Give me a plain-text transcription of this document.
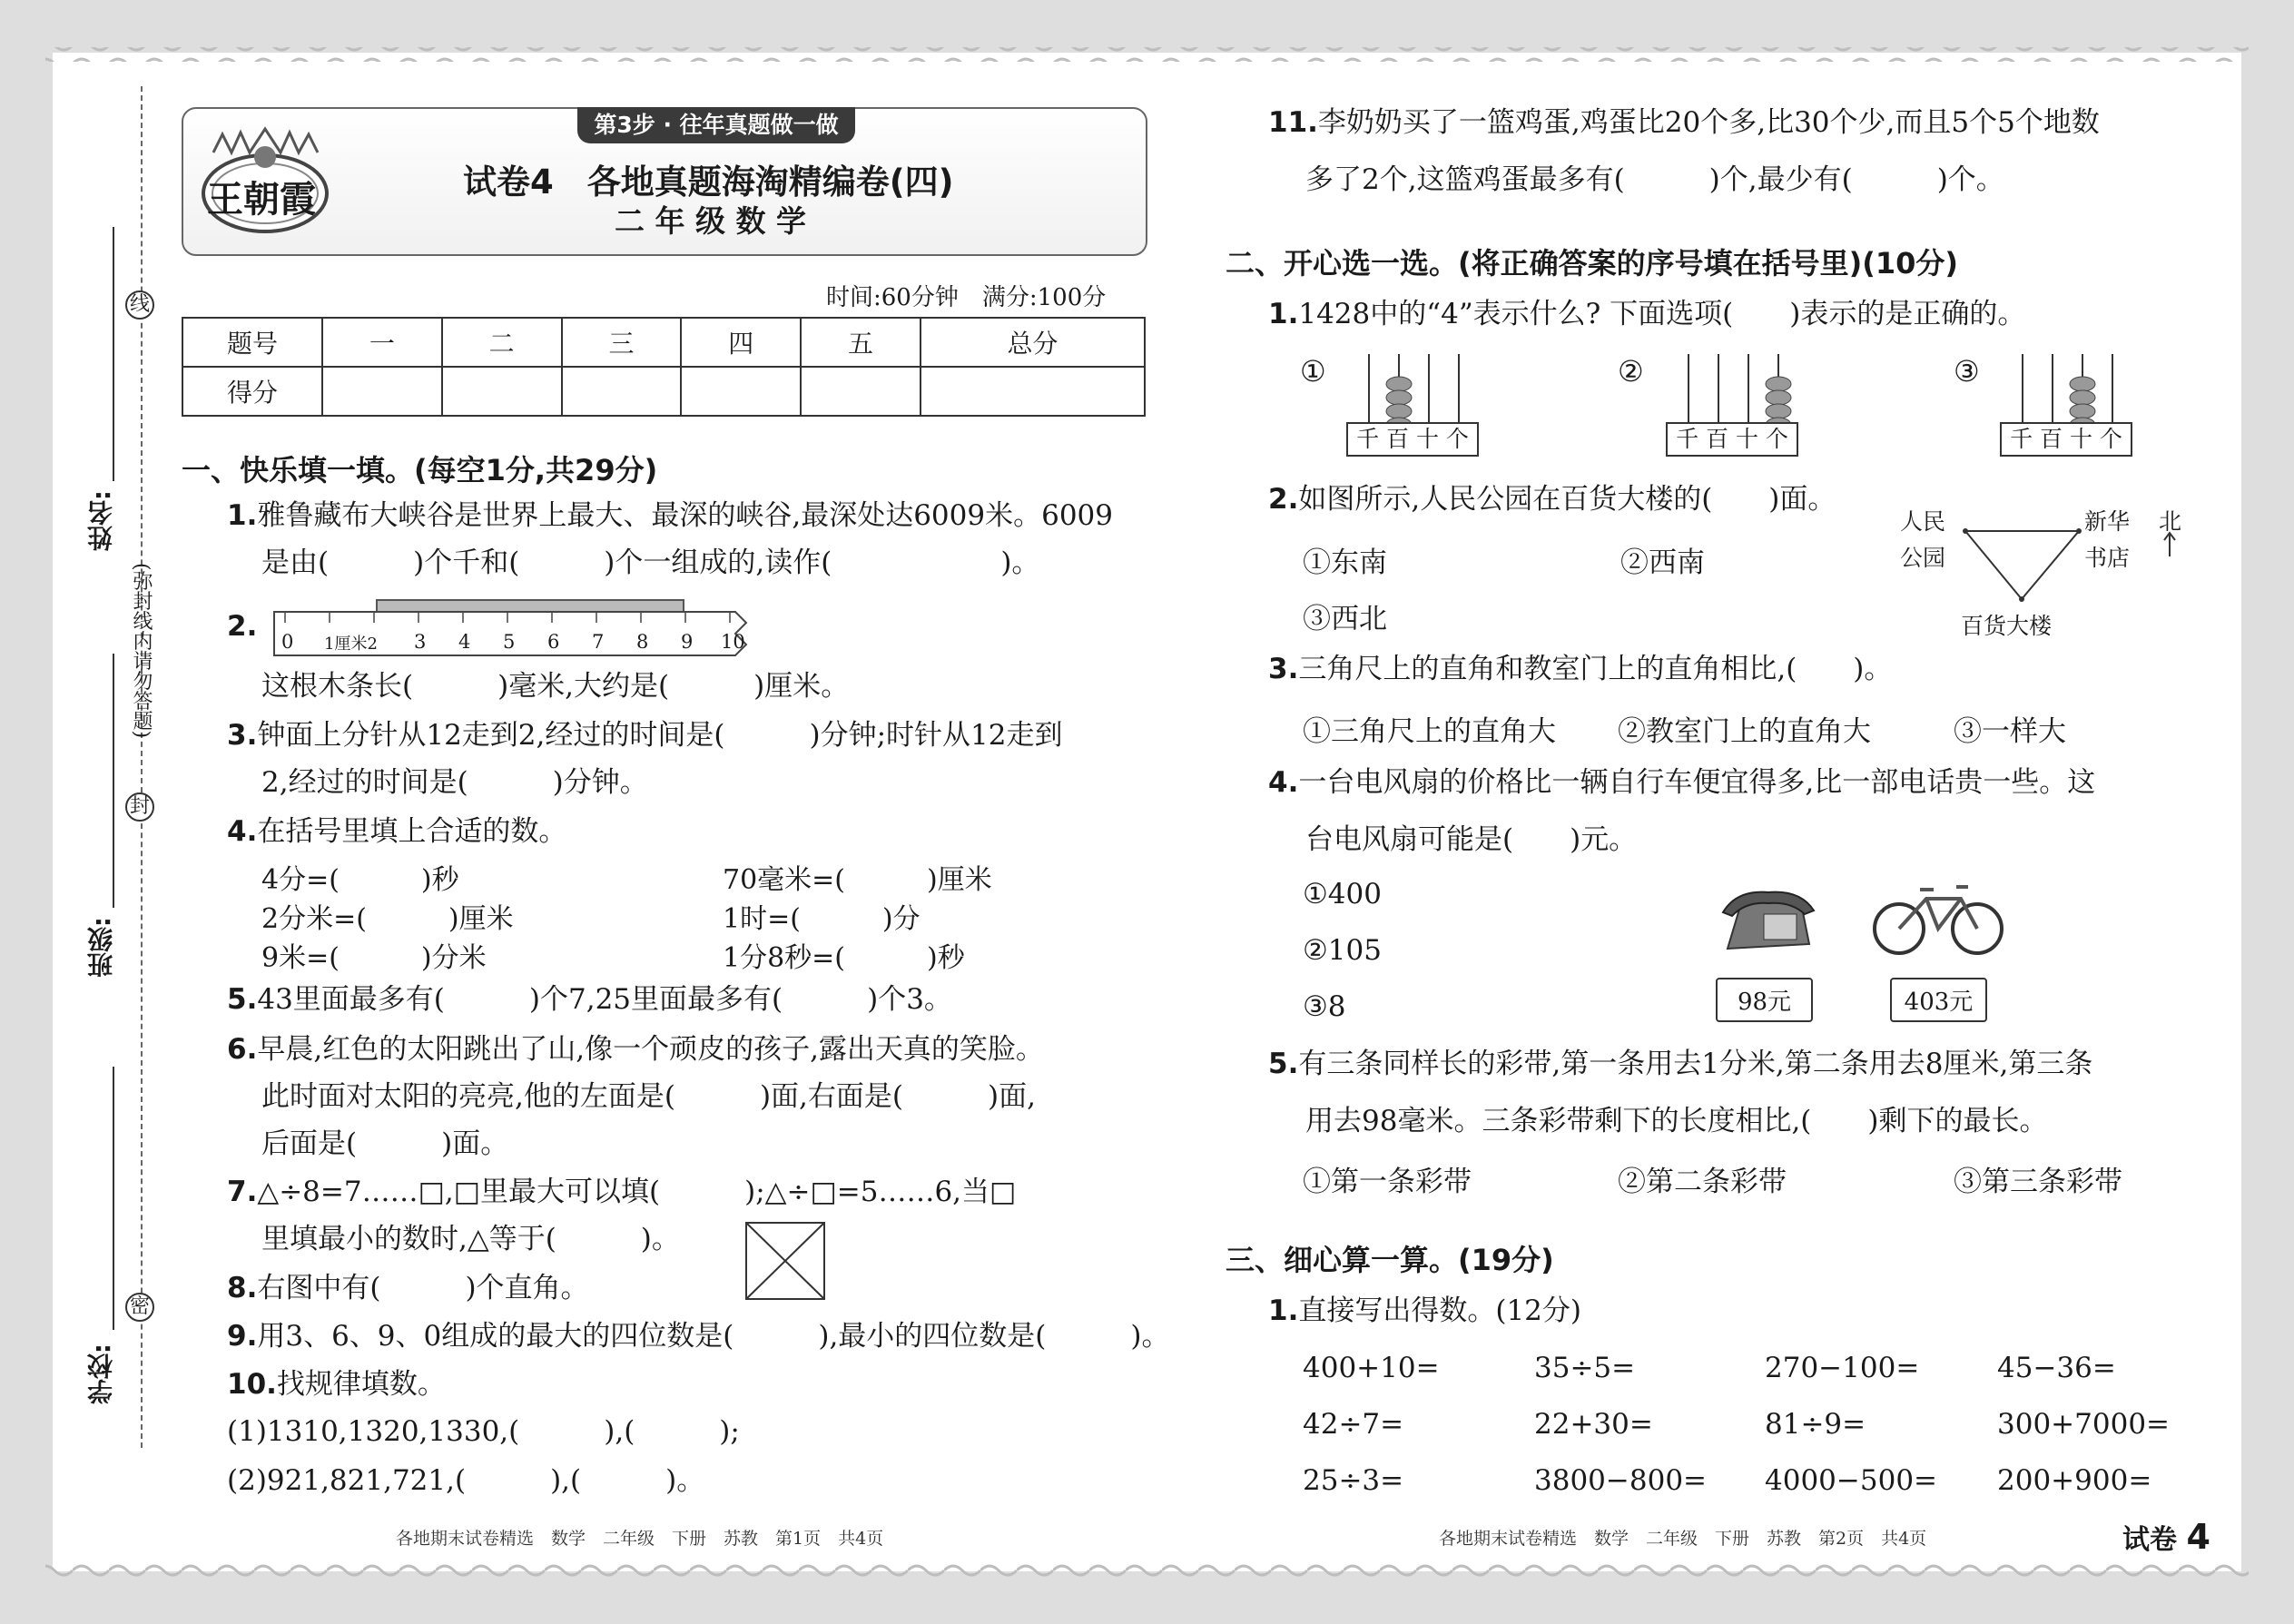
线
封
密
(弥封线内请勿答题)
姓名:
班级:
学校:
王朝霞
第3步 · 往年真题做一做
试卷4　各地真题海淘精编卷(四)
二 年 级 数 学
时间:60分钟　满分:100分
题号	一	二	三	四	五	总分
得分						
一、快乐填一填。(每空1分,共29分)
1.雅鲁藏布大峡谷是世界上最大、最深的峡谷,最深处达6009米。6009
是由(　　　)个千和(　　　)个一组成的,读作(　　　　　　)。
2. 0 1厘米2 3 4 5 6 7 8 9 10
这根木条长(　　　)毫米,大约是(　　　)厘米。
3.钟面上分针从12走到2,经过的时间是(　　　)分钟;时针从12走到
2,经过的时间是(　　　)分钟。
4.在括号里填上合适的数。
4分=(　　　)秒	70毫米=(　　　)厘米
2分米=(　　　)厘米	1时=(　　　)分
9米=(　　　)分米	1分8秒=(　　　)秒
5.43里面最多有(　　　)个7,25里面最多有(　　　)个3。
6.早晨,红色的太阳跳出了山,像一个顽皮的孩子,露出天真的笑脸。
此时面对太阳的亮亮,他的左面是(　　　)面,右面是(　　　)面,
后面是(　　　)面。
7.△÷8=7……□,□里最大可以填(　　　);△÷□=5……6,当□
里填最小的数时,△等于(　　　)。
8.右图中有(　　　)个直角。
9.用3、6、9、0组成的最大的四位数是(　　　),最小的四位数是(　　　)。
10.找规律填数。
(1)1310,1320,1330,(　　　),(　　　);
(2)921,821,721,(　　　),(　　　)。
各地期末试卷精选　数学　二年级　下册　苏教　第1页　共4页
11.李奶奶买了一篮鸡蛋,鸡蛋比20个多,比30个少,而且5个5个地数
多了2个,这篮鸡蛋最多有(　　　)个,最少有(　　　)个。
二、开心选一选。(将正确答案的序号填在括号里)(10分)
1.1428中的“4”表示什么? 下面选项(　　)表示的是正确的。
①
千 百 十 个
②
千 百 十 个
③
千 百 十 个
2.如图所示,人民公园在百货大楼的(　　)面。
①东南	②西南
③西北
人民
公园
新华
书店
百货大楼
北
3.三角尺上的直角和教室门上的直角相比,(　　)。
①三角尺上的直角大 ②教室门上的直角大	③一样大
4.一台电风扇的价格比一辆自行车便宜得多,比一部电话贵一些。这
台电风扇可能是(　　)元。
①400
②105
③8	98元	403元
5.有三条同样长的彩带,第一条用去1分米,第二条用去8厘米,第三条
用去98毫米。三条彩带剩下的长度相比,(　　)剩下的最长。
①第一条彩带	②第二条彩带	③第三条彩带
三、细心算一算。(19分)
1.直接写出得数。(12分)
400+10=	35÷5=	270−100=	45−36=
42÷7=	22+30=	81÷9=	300+7000=
25÷3=	3800−800= 4000−500= 200+900=
各地期末试卷精选　数学　二年级　下册　苏教　第2页　共4页	试卷 4
